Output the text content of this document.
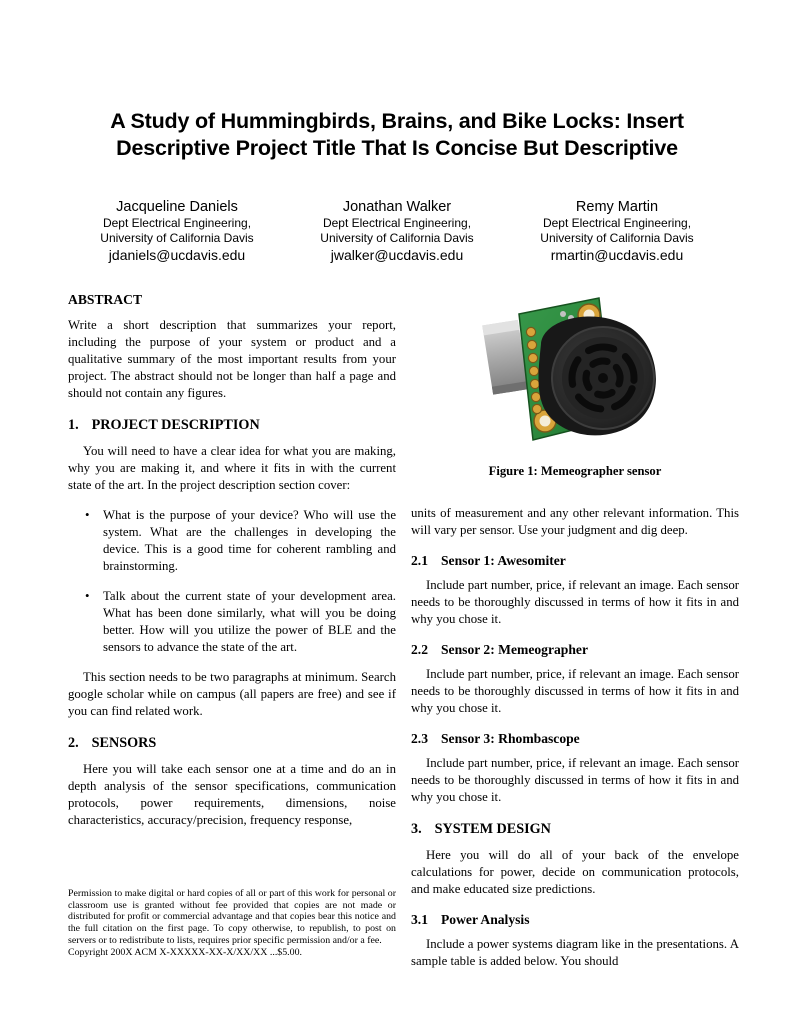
A Study of Hummingbirds, Brains, and Bike Locks: Insert Descriptive Project Title That Is Concise But Descriptive
Jacqueline Daniels
Dept Electrical Engineering,
University of California Davis
jdaniels@ucdavis.edu
Jonathan Walker
Dept Electrical Engineering,
University of California Davis
jwalker@ucdavis.edu
Remy Martin
Dept Electrical Engineering,
University of California Davis
rmartin@ucdavis.edu
ABSTRACT

Write a short description that summarizes your report, including the purpose of your system or product and a qualitative summary of the most important results from your project. The abstract should not be longer than half a page and should not contain any figures.

1. PROJECT DESCRIPTION

You will need to have a clear idea for what you are making, why you are making it, and where it fits in with the current state of the art. In the project description section cover:

•	What is the purpose of your device? Who will use the system. What are the challenges in developing the device. This is a good time for coherent rambling and brainstorming.

•	Talk about the current state of your development area. What has been done similarly, what will you be doing better. How will you utilize the power of BLE and the sensors to advance the state of the art.

This section needs to be two paragraphs at minimum. Search google scholar while on campus (all papers are free) and see if you can find related work.

2. SENSORS

Here you will take each sensor one at a time and do an in depth analysis of the sensor specifications, communication protocols, power requirements, dimensions, noise characteristics, accuracy/precision, frequency response,

Permission to make digital or hard copies of all or part of this work for personal or classroom use is granted without fee provided that copies are not made or distributed for profit or commercial advantage and that copies bear this notice and the full citation on the first page. To copy otherwise, to republish, to post on servers or to redistribute to lists, requires prior specific permission and/or a fee.

Copyright 200X ACM X-XXXXX-XX-X/XX/XX ...$5.00.

Figure 1: Memeographer sensor

units of measurement and any other relevant information. This will vary per sensor. Use your judgment and dig deep.

2.1 Sensor 1: Awesomiter

Include part number, price, if relevant an image. Each sensor needs to be thoroughly discussed in terms of how it fits in and why you chose it.

2.2 Sensor 2: Memeographer

Include part number, price, if relevant an image. Each sensor needs to be thoroughly discussed in terms of how it fits in and why you chose it.

2.3 Sensor 3: Rhombascope

Include part number, price, if relevant an image. Each sensor needs to be thoroughly discussed in terms of how it fits in and why you chose it.

3. SYSTEM DESIGN

Here you will do all of your back of the envelope calculations for power, decide on communication protocols, and make educated size predictions.

3.1 Power Analysis

Include a power systems diagram like in the presentations. A sample table is added below. You should
